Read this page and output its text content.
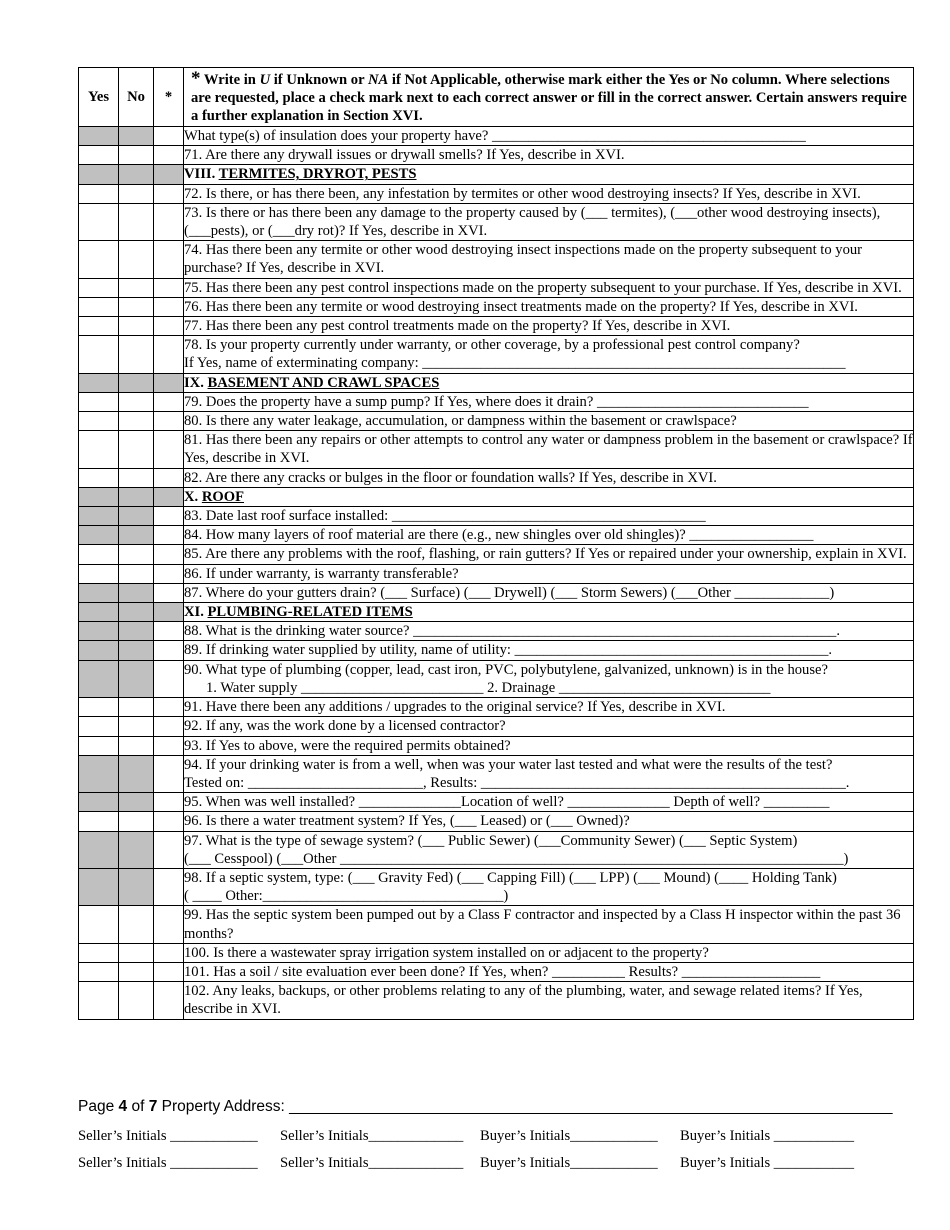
Yes	No	*	* Write in U if Unknown or NA if Not Applicable, otherwise mark either the Yes or No column. Where selections are requested, place a check mark next to each correct answer or fill in the correct answer. Certain answers require a further explanation in Section XVI.
			What type(s) of insulation does your property have? ___________________________________________
			71. Are there any drywall issues or drywall smells? If Yes, describe in XVI.
			VIII. TERMITES, DRYROT, PESTS
			72. Is there, or has there been, any infestation by termites or other wood destroying insects? If Yes, describe in XVI.
			73. Is there or has there been any damage to the property caused by (___ termites), (___other wood destroying insects), (___pests), or (___dry rot)? If Yes, describe in XVI.
			74. Has there been any termite or other wood destroying insect inspections made on the property subsequent to your purchase? If Yes, describe in XVI.
			75. Has there been any pest control inspections made on the property subsequent to your purchase. If Yes, describe in XVI.
			76. Has there been any termite or wood destroying insect treatments made on the property? If Yes, describe in XVI.
			77. Has there been any pest control treatments made on the property? If Yes, describe in XVI.

			78. Is your property currently under warranty, or other coverage, by a professional pest control company?
If Yes, name of exterminating company: __________________________________________________________

			IX. BASEMENT AND CRAWL SPACES
			79. Does the property have a sump pump? If Yes, where does it drain? _____________________________
			80. Is there any water leakage, accumulation, or dampness within the basement or crawlspace?
			81. Has there been any repairs or other attempts to control any water or dampness problem in the basement or crawlspace? If Yes, describe in XVI.
			82. Are there any cracks or bulges in the floor or foundation walls? If Yes, describe in XVI.
			X. ROOF
			83. Date last roof surface installed: ___________________________________________
			84. How many layers of roof material are there (e.g., new shingles over old shingles)? _________________
			85. Are there any problems with the roof, flashing, or rain gutters? If Yes or repaired under your ownership, explain in XVI.
			86. If under warranty, is warranty transferable?
			87. Where do your gutters drain? (___ Surface) (___ Drywell) (___ Storm Sewers) (___Other _____________)
			XI. PLUMBING-RELATED ITEMS
			88. What is the drinking water source? __________________________________________________________.
			89. If drinking water supplied by utility, name of utility: ___________________________________________.

			90. What type of plumbing (copper, lead, cast iron, PVC, polybutylene, galvanized, unknown) is in the house?
1. Water supply _________________________ 2. Drainage _____________________________

			91. Have there been any additions / upgrades to the original service? If Yes, describe in XVI.
			92. If any, was the work done by a licensed contractor?
			93. If Yes to above, were the required permits obtained?

			94. If your drinking water is from a well, when was your water last tested and what were the results of the test?
Tested on: ________________________, Results: __________________________________________________.

			95. When was well installed? ______________Location of well? ______________ Depth of well? _________
			96. Is there a water treatment system? If Yes, (___ Leased) or (___ Owned)?

			97. What is the type of sewage system? (___ Public Sewer) (___Community Sewer) (___ Septic System)
(___ Cesspool) (___Other _____________________________________________________________________)

			98. If a septic system, type: (___ Gravity Fed) (___ Capping Fill) (___ LPP) (___ Mound) (____ Holding Tank)
( ____ Other:_________________________________)

			99. Has the septic system been pumped out by a Class F contractor and inspected by a Class H inspector within the past 36 months?
			100. Is there a wastewater spray irrigation system installed on or adjacent to the property?
			101. Has a soil / site evaluation ever been done? If Yes, when? __________ Results? ___________________
			102. Any leaks, backups, or other problems relating to any of the plumbing, water, and sewage related items? If Yes, describe in XVI.
Page 4 of 7 Property Address: ______________________________________________________________________
Seller’s Initials ____________	Seller’s Initials_____________	Buyer’s Initials____________	Buyer’s Initials ___________
Seller’s Initials ____________	Seller’s Initials_____________	Buyer’s Initials____________	Buyer’s Initials ___________
